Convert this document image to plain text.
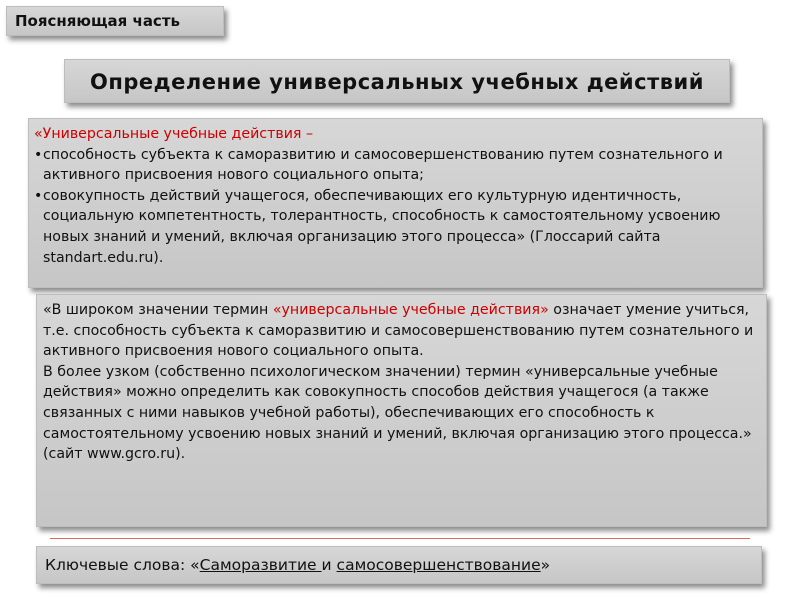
Поясняющая часть
Определение универсальных учебных действий
«Универсальные учебные действия –
• способность субъекта к саморазвитию и самосовершенствованию путем сознательного и активного присвоения нового социального опыта;
• совокупность действий учащегося, обеспечивающих его культурную идентичность, социальную компетентность, толерантность, способность к самостоятельному усвоению новых знаний и умений, включая организацию этого процесса» (Глоссарий сайта standart.edu.ru).

«В широком значении термин «универсальные учебные действия» означает умение учиться, т.е. способность субъекта к саморазвитию и самосовершенствованию путем сознательного и активного присвоения нового социального опыта.

В более узком (собственно психологическом значении) термин «универсальные учебные действия» можно определить как совокупность способов действия учащегося (а также связанных с ними навыков учебной работы), обеспечивающих его способность к самостоятельному усвоению новых знаний и умений, включая организацию этого процесса.» (сайт www.gcro.ru).

Ключевые слова: «Саморазвитие и самосовершенствование»
